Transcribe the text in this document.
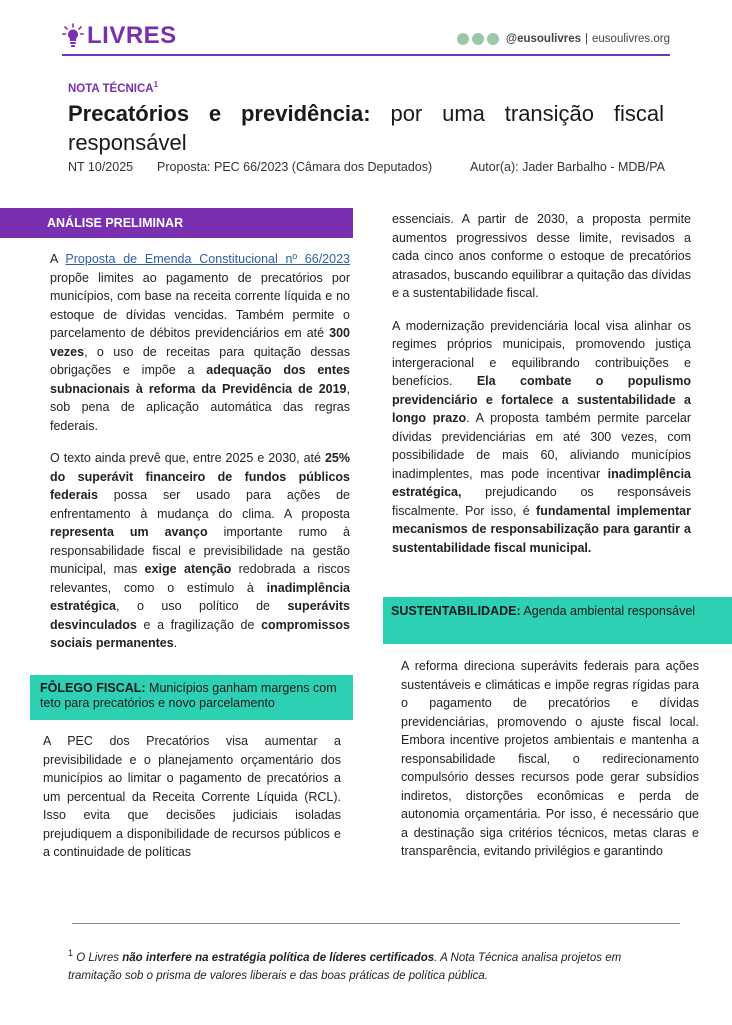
LIVRES	@eusoulivres | eusoulivres.org
NOTA TÉCNICA$^1$
Precatórios e previdência: por uma transição fiscal responsável
NT 10/2025 Proposta: PEC 66/2023 (Câmara dos Deputados)	Autor(a): Jader Barbalho - MDB/PA
ANÁLISE PRELIMINAR

A Proposta de Emenda Constitucional nº 66/2023 propõe limites ao pagamento de precatórios por municípios, com base na receita corrente líquida e no estoque de dívidas vencidas. Também permite o parcelamento de débitos previdenciários em até 300 vezes, o uso de receitas para quitação dessas obrigações e impõe a adequação dos entes subnacionais à reforma da Previdência de 2019, sob pena de aplicação automática das regras federais.

O texto ainda prevê que, entre 2025 e 2030, até 25% do superávit financeiro de fundos públicos federais possa ser usado para ações de enfrentamento à mudança do clima. A proposta representa um avanço importante rumo à responsabilidade fiscal e previsibilidade na gestão municipal, mas exige atenção redobrada a riscos relevantes, como o estímulo à inadimplência estratégica, o uso político de superávits desvinculados e a fragilização de compromissos sociais permanentes.

FÔLEGO FISCAL: Municípios ganham margens com teto para precatórios e novo parcelamento

A PEC dos Precatórios visa aumentar a previsibilidade e o planejamento orçamentário dos municípios ao limitar o pagamento de precatórios a um percentual da Receita Corrente Líquida (RCL). Isso evita que decisões judiciais isoladas prejudiquem a disponibilidade de recursos públicos e a continuidade de políticas

essenciais. A partir de 2030, a proposta permite aumentos progressivos desse limite, revisados a cada cinco anos conforme o estoque de precatórios atrasados, buscando equilibrar a quitação das dívidas e a sustentabilidade fiscal.

A modernização previdenciária local visa alinhar os regimes próprios municipais, promovendo justiça intergeracional e equilibrando contribuições e benefícios. Ela combate o populismo previdenciário e fortalece a sustentabilidade a longo prazo. A proposta também permite parcelar dívidas previdenciárias em até 300 vezes, com possibilidade de mais 60, aliviando municípios inadimplentes, mas pode incentivar inadimplência estratégica, prejudicando os responsáveis fiscalmente. Por isso, é fundamental implementar mecanismos de responsabilização para garantir a sustentabilidade fiscal municipal.

SUSTENTABILIDADE: Agenda ambiental responsável

A reforma direciona superávits federais para ações sustentáveis e climáticas e impõe regras rígidas para o pagamento de precatórios e dívidas previdenciárias, promovendo o ajuste fiscal local. Embora incentive projetos ambientais e mantenha a responsabilidade fiscal, o redirecionamento compulsório desses recursos pode gerar subsídios indiretos, distorções econômicas e perda de autonomia orçamentária. Por isso, é necessário que a destinação siga critérios técnicos, metas claras e transparência, evitando privilégios e garantindo

$^1$ O Livres não interfere na estratégia política de líderes certificados. A Nota Técnica analisa projetos em tramitação sob o prisma de valores liberais e das boas práticas de política pública.
